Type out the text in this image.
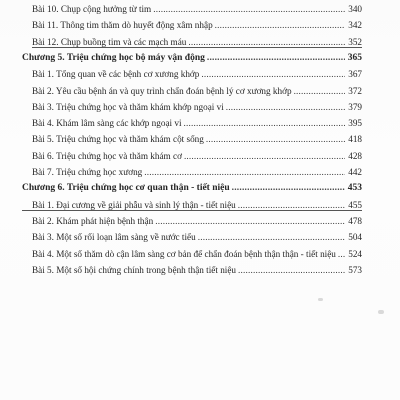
Bài 10. Chụp cộng hưởng từ tim .....	340
Bài 11. Thông tim thăm dò huyết động xâm nhập .....	342
Bài 12. Chụp buồng tim và các mạch máu .....	352
Chương 5. Triệu chứng học bộ máy vận động .....	365
Bài 1. Tổng quan về các bệnh cơ xương khớp .....	367
Bài 2. Yêu cầu bệnh án và quy trình chẩn đoán bệnh lý cơ xương khớp .....	372
Bài 3. Triệu chứng học và thăm khám khớp ngoại vi .....	379
Bài 4. Khám lâm sàng các khớp ngoại vi .....	395
Bài 5. Triệu chứng học và thăm khám cột sống .....	418
Bài 6. Triệu chứng học và thăm khám cơ .....	428
Bài 7. Triệu chứng học xương .....	442
Chương 6. Triệu chứng học cơ quan thận - tiết niệu .....	453
Bài 1. Đại cương về giải phẫu và sinh lý thận - tiết niệu .....	455
Bài 2. Khám phát hiện bệnh thận .....	478
Bài 3. Một số rối loạn lâm sàng về nước tiểu .....	504
Bài 4. Một số thăm dò cận lâm sàng cơ bản để chẩn đoán bệnh thận thận - tiết niệu ..... 524
Bài 5. Một số hội chứng chính trong bệnh thận tiết niệu .....	573
